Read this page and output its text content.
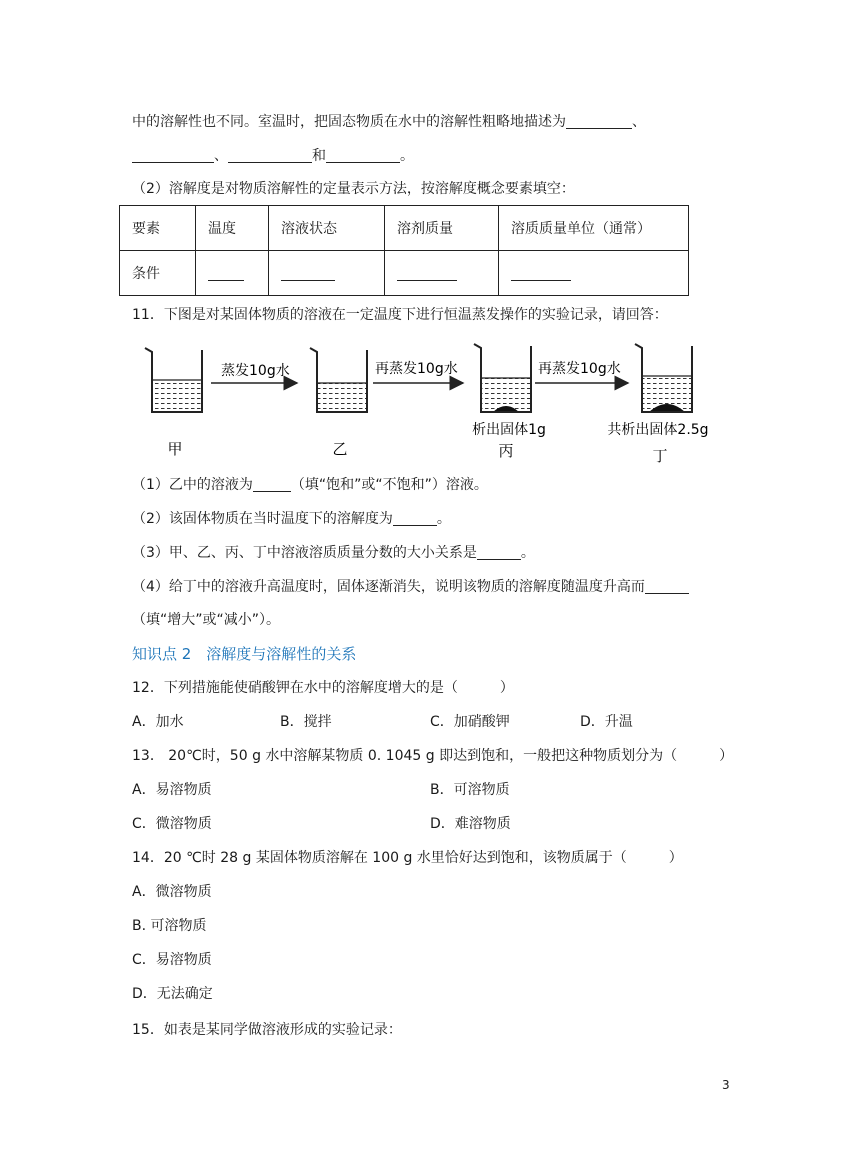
中的溶解性也不同。室温时，把固态物质在水中的溶解性粗略地描述为	、
、	和	。
（2）溶解度是对物质溶解性的定量表示方法，按溶解度概念要素填空：
要素	温度	溶液状态	溶剂质量	溶质质量单位（通常）
条件				
11．下图是对某固体物质的溶液在一定温度下进行恒温蒸发操作的实验记录，请回答：
蒸发10g水	再蒸发10g水	再蒸发10g水
甲	乙
析出固体1g
丙
共析出固体2.5g
丁
（1）乙中的溶液为	（填“饱和”或“不饱和”）溶液。
（2）该固体物质在当时温度下的溶解度为	。
（3）甲、乙、丙、丁中溶液溶质质量分数的大小关系是	。
（4）给丁中的溶液升高温度时，固体逐渐消失，说明该物质的溶解度随温度升高而
（填“增大”或“减小”）。
知识点 2　溶解度与溶解性的关系
12．下列措施能使硝酸钾在水中的溶解度增大的是（　　　）
A．加水	B．搅拌	C．加硝酸钾	D．升温
13． 20℃时，50 g 水中溶解某物质 0. 1045 g 即达到饱和，一般把这种物质划分为（　　　）
A．易溶物质	B．可溶物质
C．微溶物质	D．难溶物质
14．20 ℃时 28 g 某固体物质溶解在 100 g 水里恰好达到饱和，该物质属于（　　　）
A．微溶物质
B. 可溶物质
C．易溶物质
D．无法确定
15．如表是某同学做溶液形成的实验记录：
3
